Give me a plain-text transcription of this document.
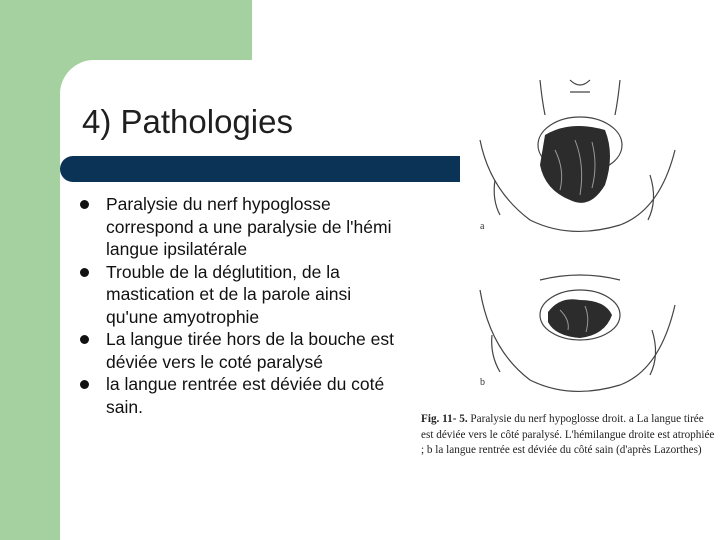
4) Pathologies
Paralysie du nerf hypoglosse correspond a une paralysie de l'hémi langue ipsilatérale
Trouble de la déglutition, de la mastication et de la parole ainsi qu'une amyotrophie
La langue tirée hors de la bouche est déviée vers le coté paralysé
la langue rentrée est déviée du coté sain.
a
b

Fig. 11- 5. Paralysie du nerf hypoglosse droit. a La langue tirée est déviée vers le côté paralysé. L'hémilangue droite est atrophiée ; b la langue rentrée est déviée du côté sain (d'après Lazorthes)
